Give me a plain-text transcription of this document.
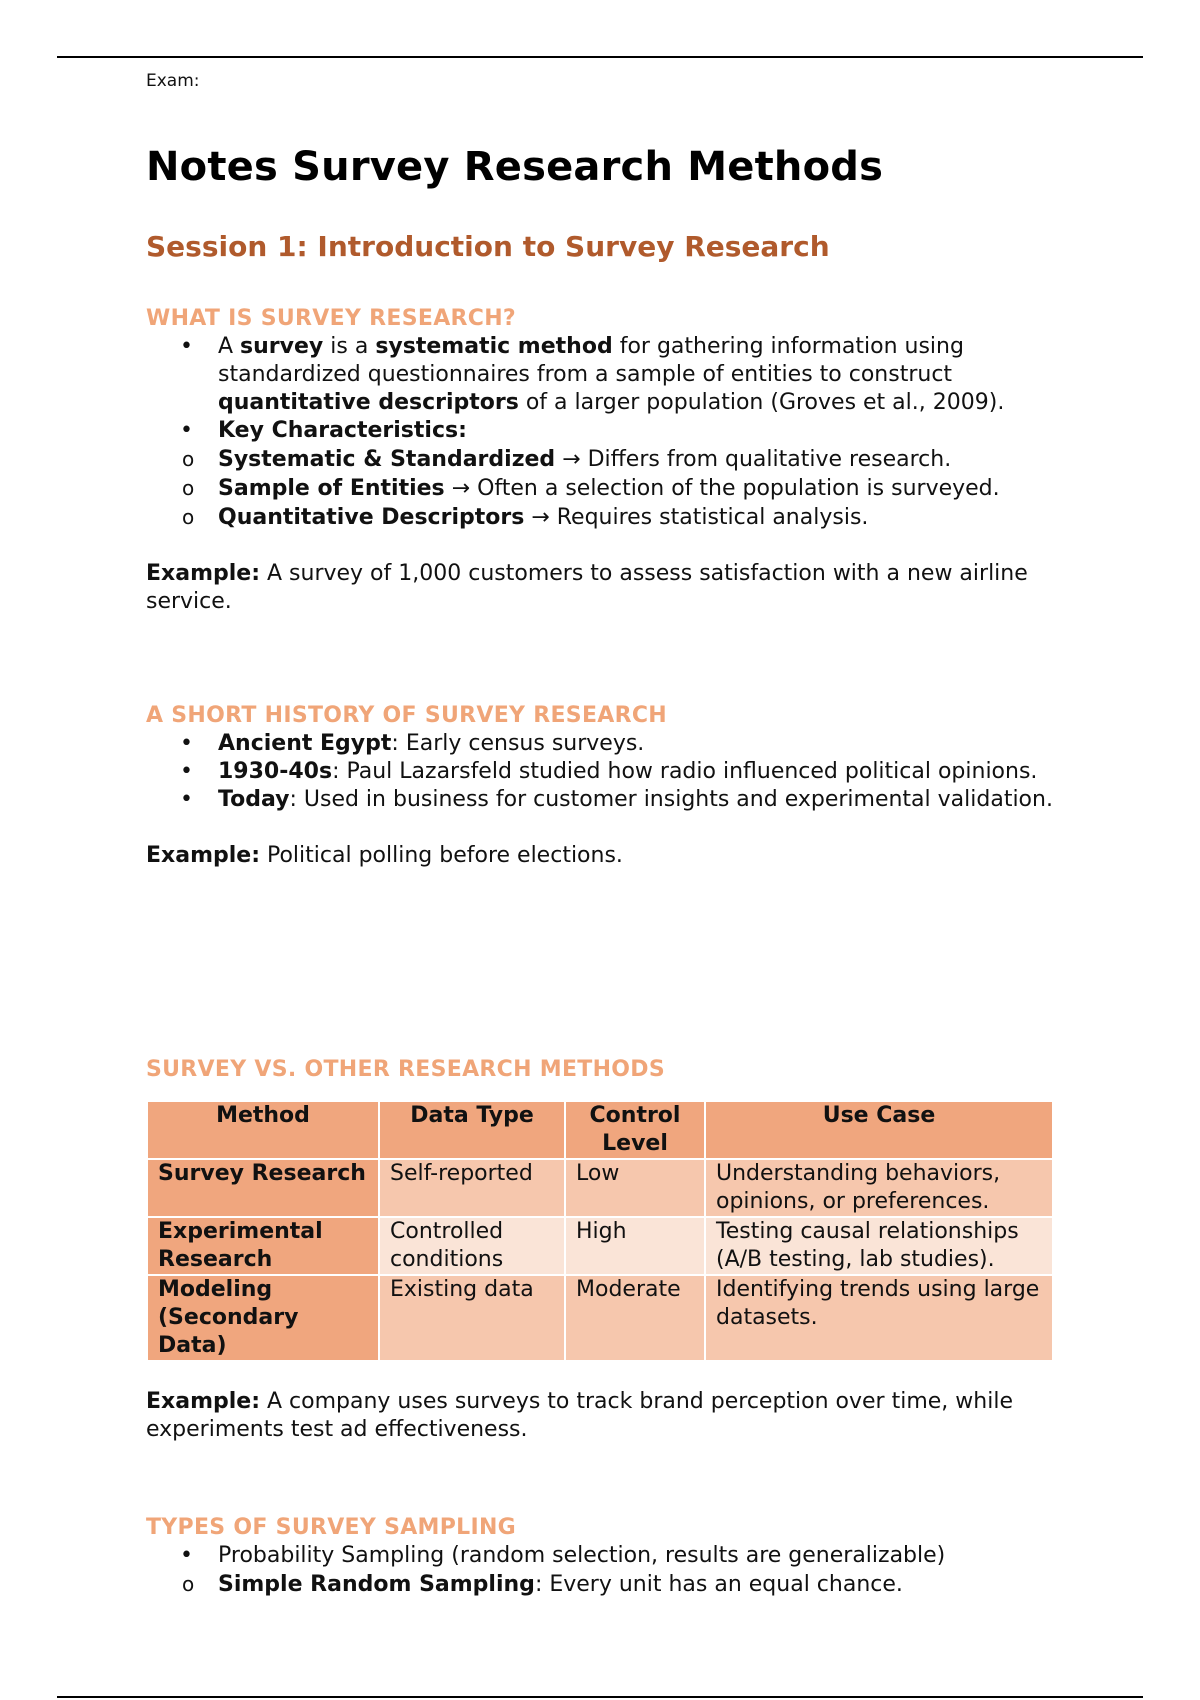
Exam:

Notes Survey Research Methods
Session 1: Introduction to Survey Research

WHAT IS SURVEY RESEARCH?

• A survey is a systematic method for gathering information using standardized questionnaires from a sample of entities to construct quantitative descriptors of a larger population (Groves et al., 2009).
• Key Characteristics:
o Systematic & Standardized → Differs from qualitative research.
o Sample of Entities → Often a selection of the population is surveyed.
o Quantitative Descriptors → Requires statistical analysis.

Example: A survey of 1,000 customers to assess satisfaction with a new airline service.

A SHORT HISTORY OF SURVEY RESEARCH

• Ancient Egypt: Early census surveys.
• 1930-40s: Paul Lazarsfeld studied how radio influenced political opinions.
• Today: Used in business for customer insights and experimental validation.

Example: Political polling before elections.

SURVEY VS. OTHER RESEARCH METHODS

Method	Data Type	Control Level	Use Case
Survey Research	Self-reported	Low	Understanding behaviors, opinions, or preferences.
Experimental Research	Controlled conditions	High	Testing causal relationships (A/B testing, lab studies).
Modeling (Secondary Data)	Existing data	Moderate	Identifying trends using large datasets.

Example: A company uses surveys to track brand perception over time, while experiments test ad effectiveness.

TYPES OF SURVEY SAMPLING

• Probability Sampling (random selection, results are generalizable)
o Simple Random Sampling: Every unit has an equal chance.
